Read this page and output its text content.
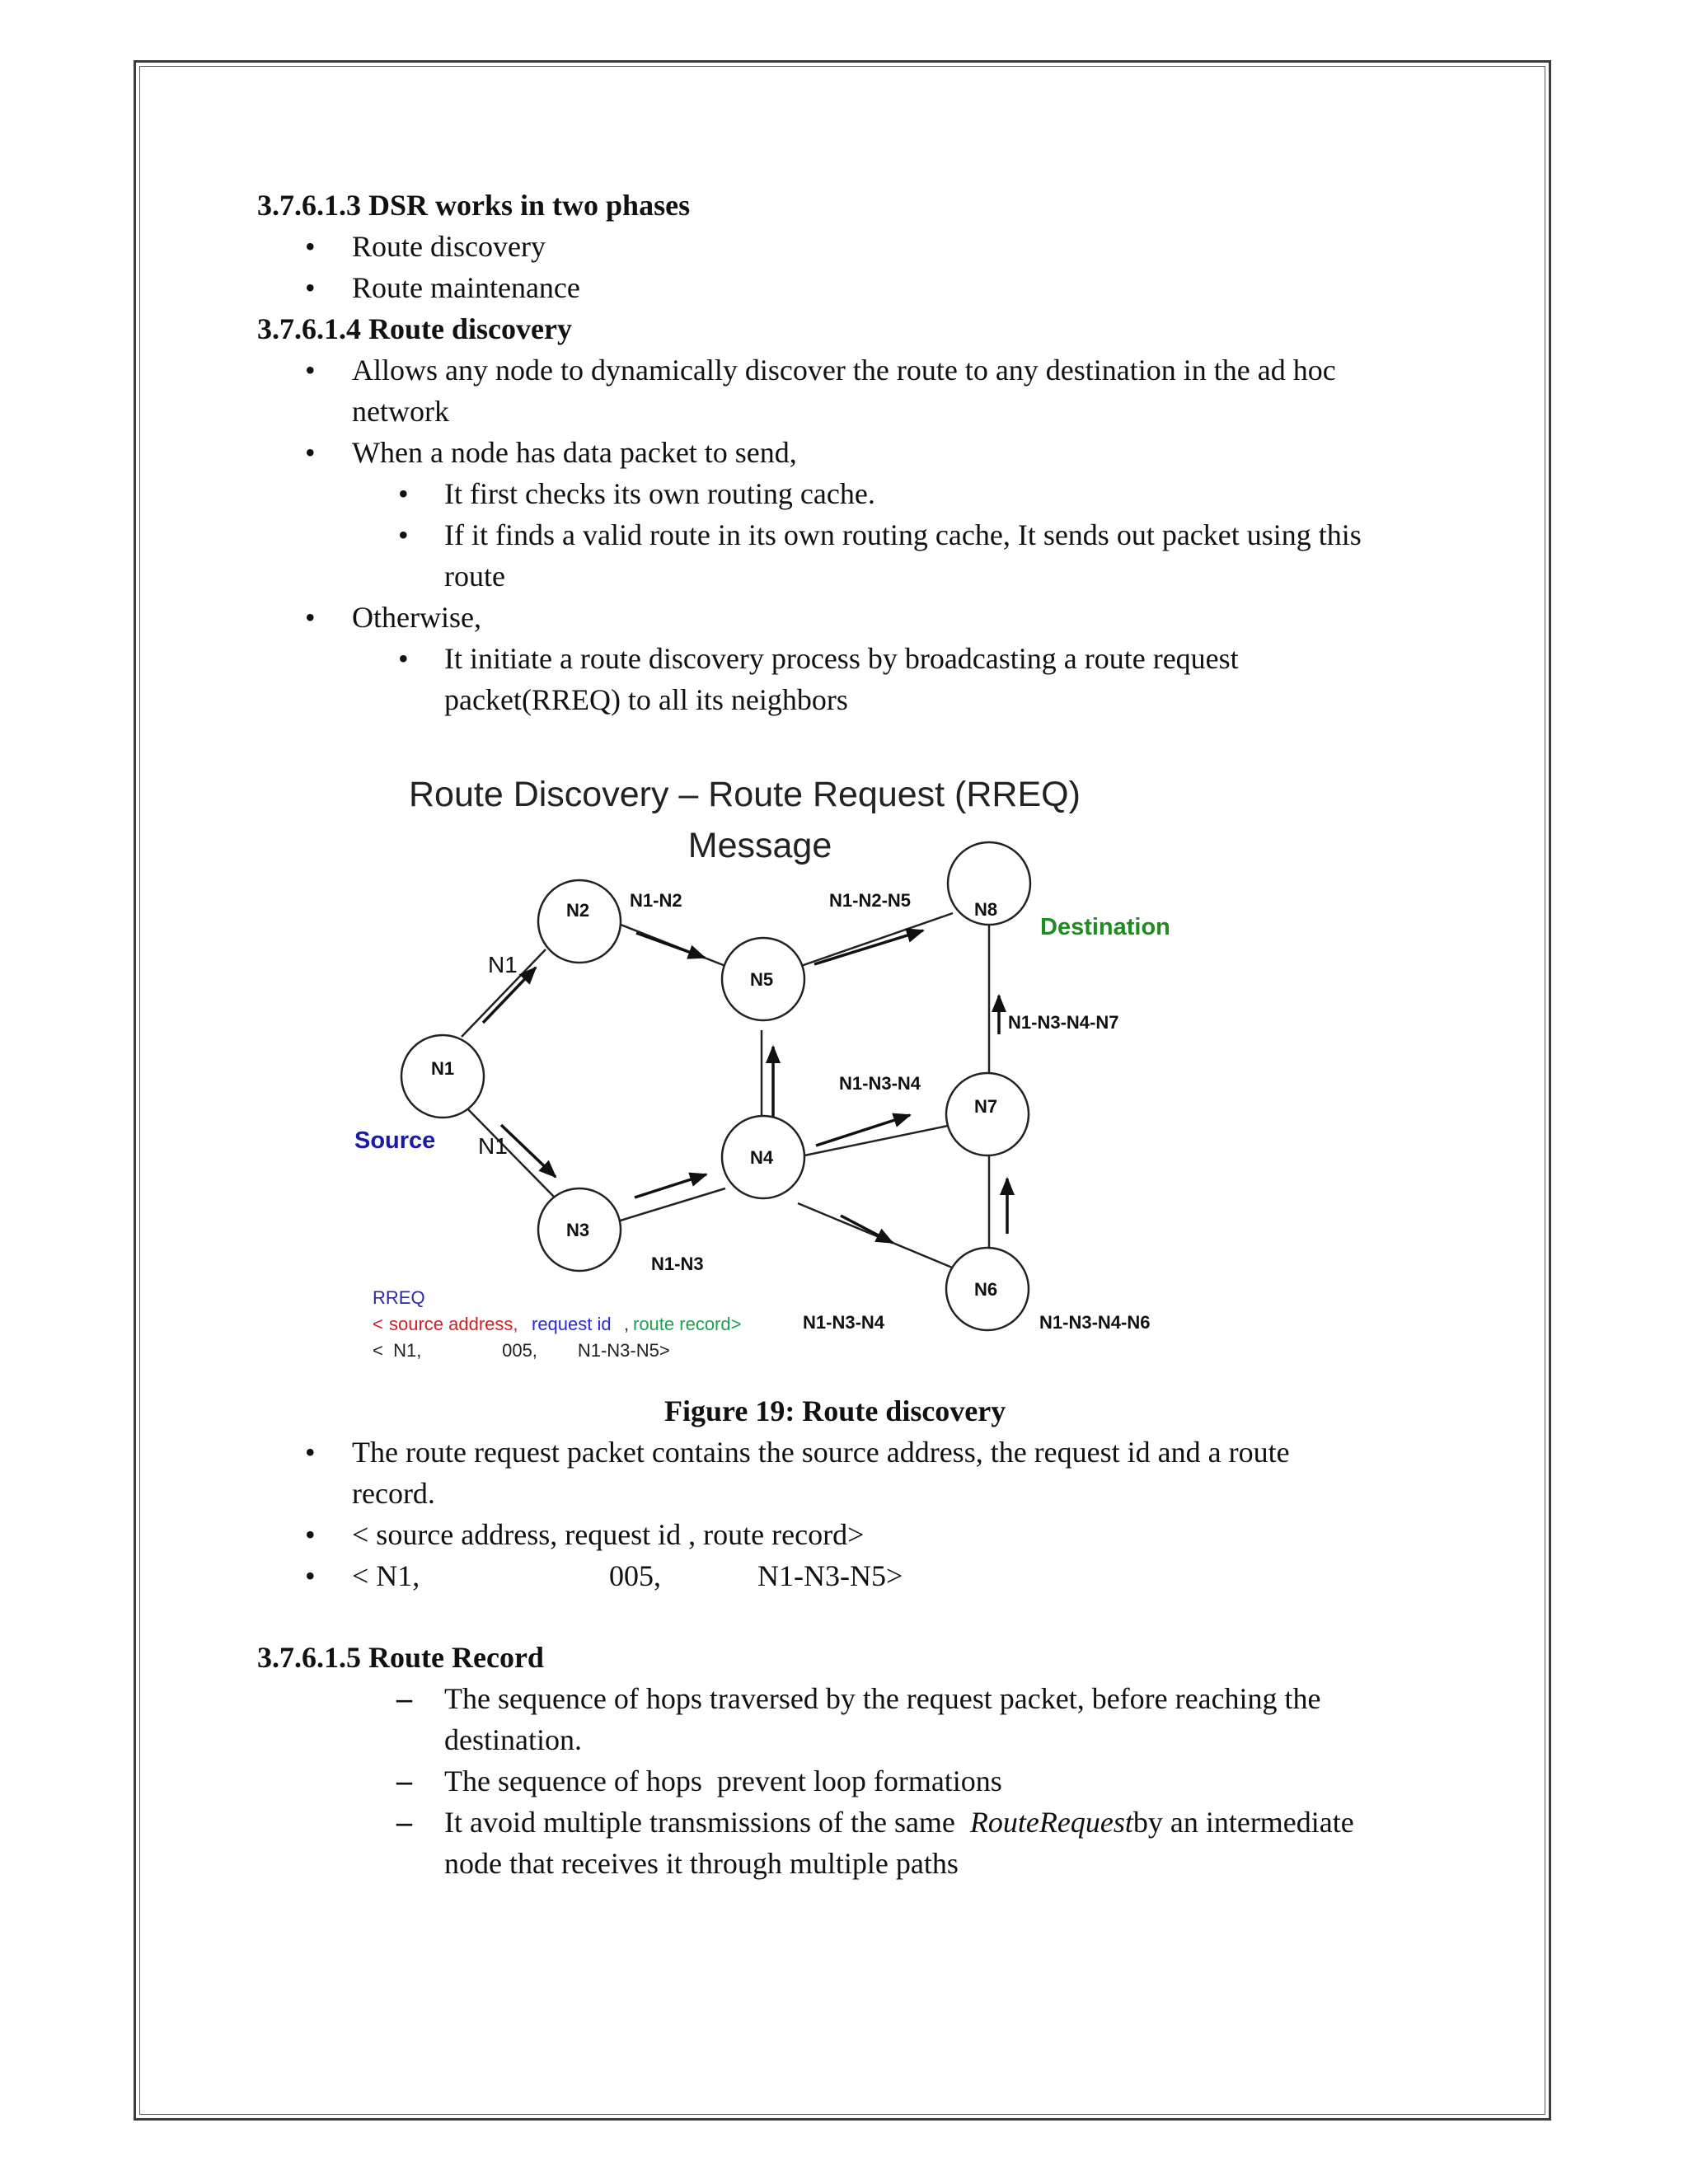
3.7.6.1.3 DSR works in two phases
• Route discovery
• Route maintenance
3.7.6.1.4 Route discovery
• Allows any node to dynamically discover the route to any destination in the ad hoc
network
• When a node has data packet to send,
• It first checks its own routing cache.
• If it finds a valid route in its own routing cache, It sends out packet using this
route
• Otherwise,
• It initiate a route discovery process by broadcasting a route request
packet(RREQ) to all its neighbors
Route Discovery – Route Request (RREQ)
Message
N1
N2
N3
N4
N5
N6
N7
N8
Source
Destination
N1
N1
N1-N2	N1-N2-N5
N1-N3
N1-N3-N4
N1-N3-N4
N1-N3-N4-N7
N1-N3-N4-N6
RREQ
< source address, request id , route record>
<  N1,                005,        N1-N3-N5>
Figure 19: Route discovery
• The route request packet contains the source address, the request id and a route
record.
• < source address, request id , route record>
• < N1,	005,	N1-N3-N5>
3.7.6.1.5 Route Record
– The sequence of hops traversed by the request packet, before reaching the
destination.
– The sequence of hops  prevent loop formations
– It avoid multiple transmissions of the same  RouteRequestby an intermediate
node that receives it through multiple paths
